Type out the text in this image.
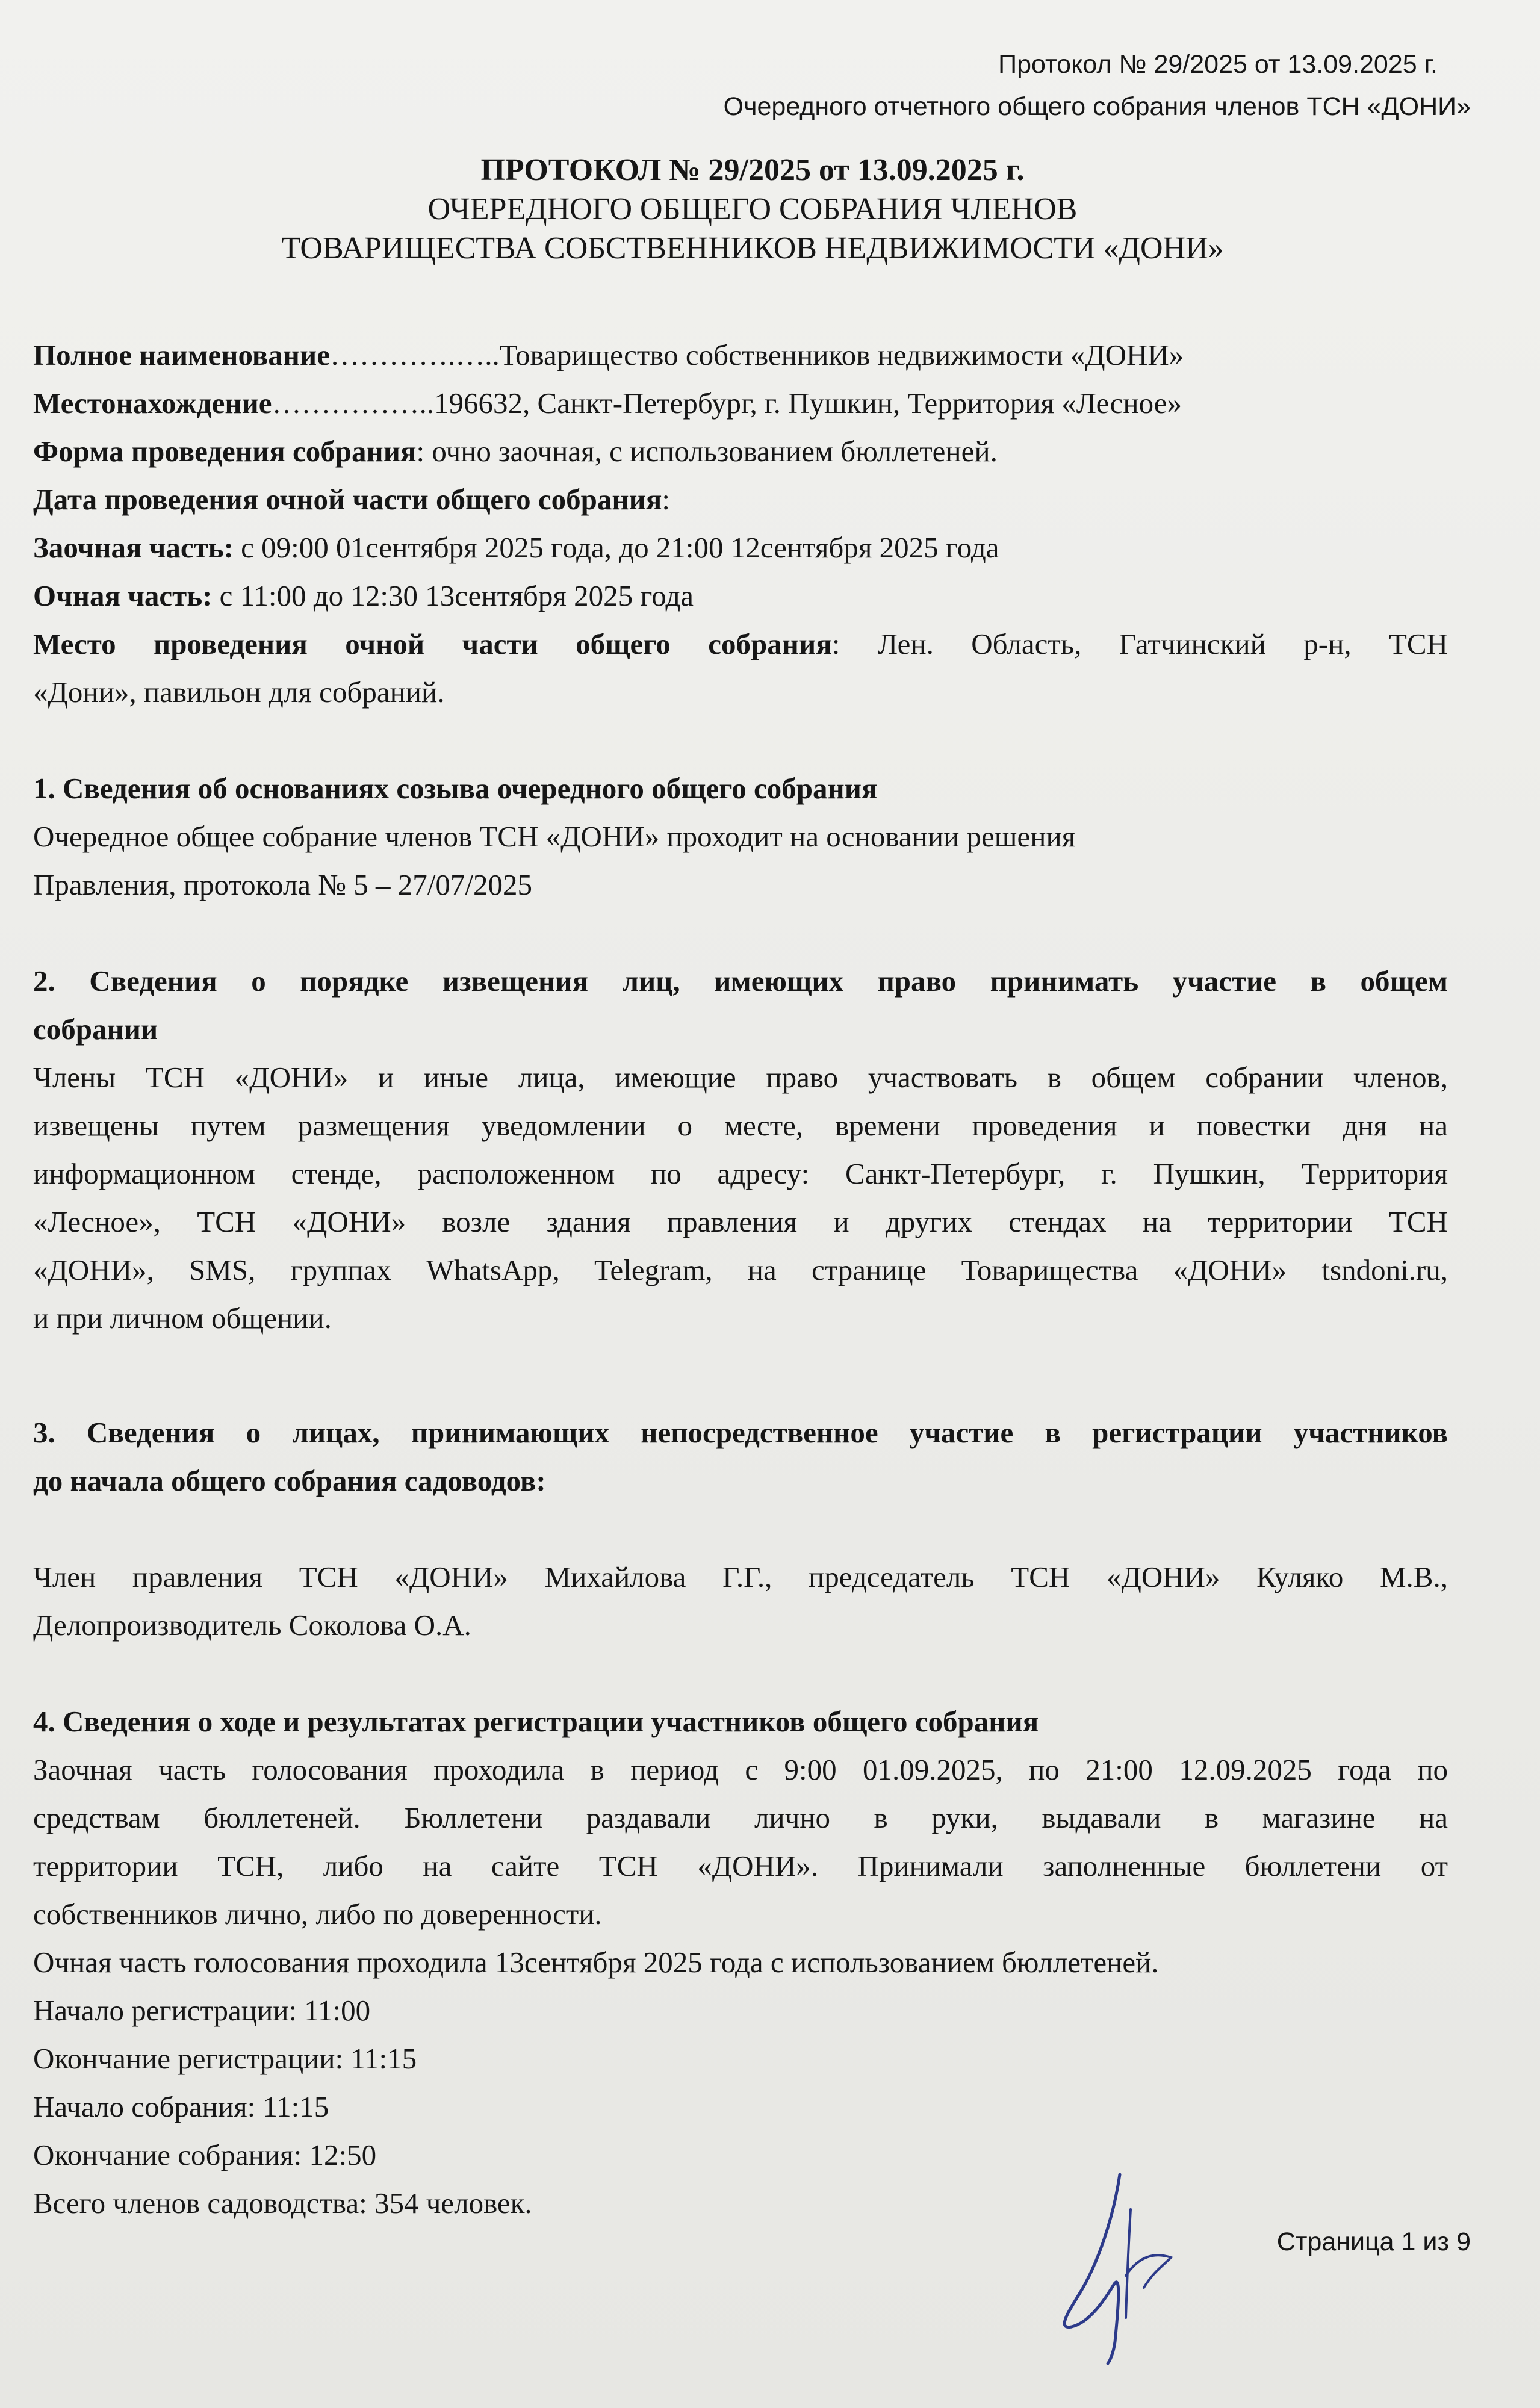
Протокол № 29/2025 от 13.09.2025 г.
Очередного отчетного общего собрания членов ТСН «ДОНИ»
ПРОТОКОЛ № 29/2025 от 13.09.2025 г.
ОЧЕРЕДНОГО ОБЩЕГО СОБРАНИЯ ЧЛЕНОВ
ТОВАРИЩЕСТВА СОБСТВЕННИКОВ НЕДВИЖИМОСТИ «ДОНИ»

Полное наименование………….…..Товарищество собственников недвижимости «ДОНИ»

Местонахождение……………..196632, Санкт-Петербург, г. Пушкин, Территория «Лесное»

Форма проведения собрания: очно заочная, с использованием бюллетеней.

Дата проведения очной части общего собрания:

Заочная часть: с 09:00 01сентября 2025 года, до 21:00 12сентября 2025 года

Очная часть: с 11:00 до 12:30 13сентября 2025 года

Место проведения очной части общего собрания: Лен. Область, Гатчинский р-н, ТСН

«Дони», павильон для собраний.

1. Сведения об основаниях созыва очередного общего собрания

Очередное общее собрание членов ТСН «ДОНИ» проходит на основании решения

Правления, протокола № 5 – 27/07/2025

2. Сведения о порядке извещения лиц, имеющих право принимать участие в общем

собрании

Члены ТСН «ДОНИ» и иные лица, имеющие право участвовать в общем собрании членов,

извещены путем размещения уведомлении о месте, времени проведения и повестки дня на

информационном стенде, расположенном по адресу: Санкт-Петербург, г. Пушкин, Территория

«Лесное», ТСН «ДОНИ» возле здания правления и других стендах на территории ТСН

«ДОНИ», SMS, группах WhatsApp, Telegram, на странице Товарищества «ДОНИ» tsndoni.ru,

и при личном общении.

3. Сведения о лицах, принимающих непосредственное участие в регистрации участников

до начала общего собрания садоводов:

Член правления ТСН «ДОНИ» Михайлова Г.Г., председатель ТСН «ДОНИ» Куляко М.В.,

Делопроизводитель Соколова О.А.

4. Сведения о ходе и результатах регистрации участников общего собрания

Заочная часть голосования проходила в период с 9:00 01.09.2025, по 21:00 12.09.2025 года по

средствам бюллетеней. Бюллетени раздавали лично в руки, выдавали в магазине на

территории ТСН, либо на сайте ТСН «ДОНИ». Принимали заполненные бюллетени от

собственников лично, либо по доверенности.

Очная часть голосования проходила 13сентября 2025 года с использованием бюллетеней.

Начало регистрации: 11:00

Окончание регистрации: 11:15

Начало собрания: 11:15

Окончание собрания: 12:50

Всего членов садоводства: 354 человек.

Страница 1 из 9
